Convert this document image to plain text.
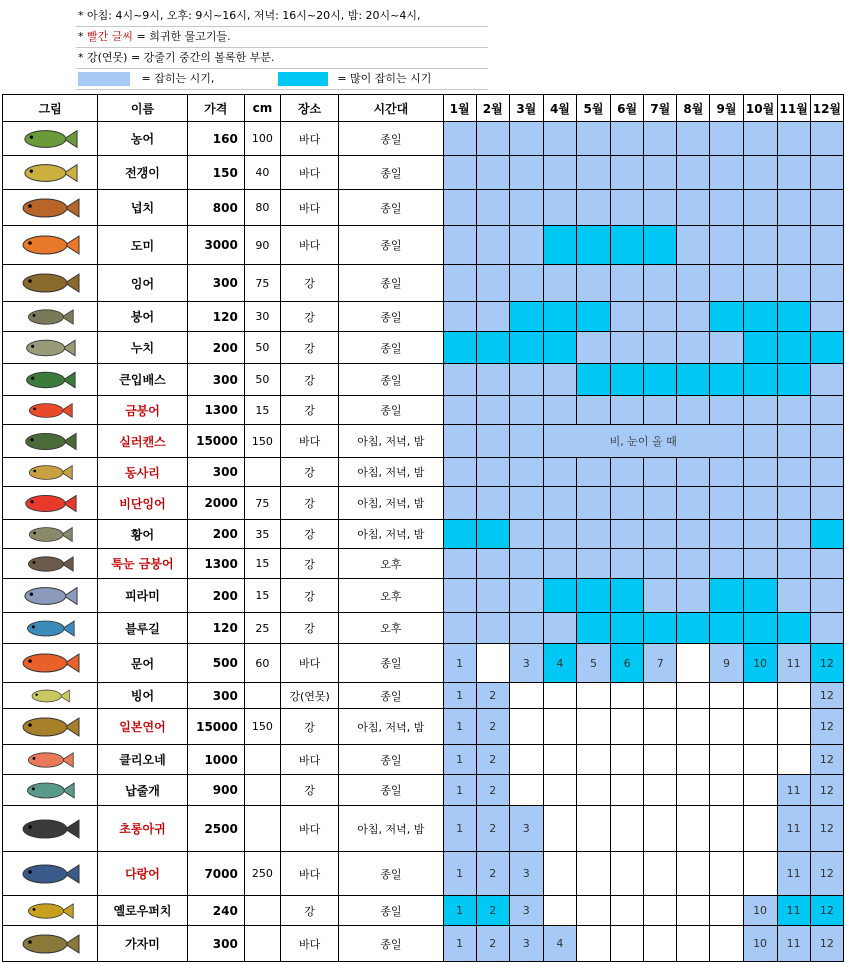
* 아침: 4시~9시, 오후: 9시~16시, 저녁: 16시~20시, 밤: 20시~4시,
* 빨간 글씨 = 희귀한 물고기들.
* 강(연못) = 강줄기 중간의 볼록한 부분.
= 잡히는 시기,	= 많이 잡히는 시기
그림	이름	가격	cm	장소	시간대	1월	2월	3월	4월	5월	6월	7월	8월	9월	10월	11월	12월

	농어	160	100	바다	종일												

	전갱이	150	40	바다	종일												

	넙치	800	80	바다	종일												

	도미	3000	90	바다	종일												

	잉어	300	75	강	종일												

	붕어	120	30	강	종일												

	누치	200	50	강	종일												

	큰입배스	300	50	강	종일												

	금붕어	1300	15	강	종일												

	실러캔스	15000	150	바다	아침, 저녁, 밤				비, 눈이 올 때								

	동사리	300		강	아침, 저녁, 밤												

	비단잉어	2000	75	강	아침, 저녁, 밤												

	황어	200	35	강	아침, 저녁, 밤												

	툭눈 금붕어	1300	15	강	오후												

	피라미	200	15	강	오후												

	블루길	120	25	강	오후												

	문어	500	60	바다	종일	1		3	4	5	6	7		9	10	11	12

	빙어	300		강(연못)	종일	1	2										12

	일본연어	15000	150	강	아침, 저녁, 밤	1	2										12

	클리오네	1000		바다	종일	1	2										12

	납줄개	900		강	종일	1	2									11	12

	초롱아귀	2500		바다	아침, 저녁, 밤	1	2	3								11	12

	다랑어	7000	250	바다	종일	1	2	3								11	12

	옐로우퍼치	240		강	종일	1	2	3							10	11	12

	가자미	300		바다	종일	1	2	3	4						10	11	12
